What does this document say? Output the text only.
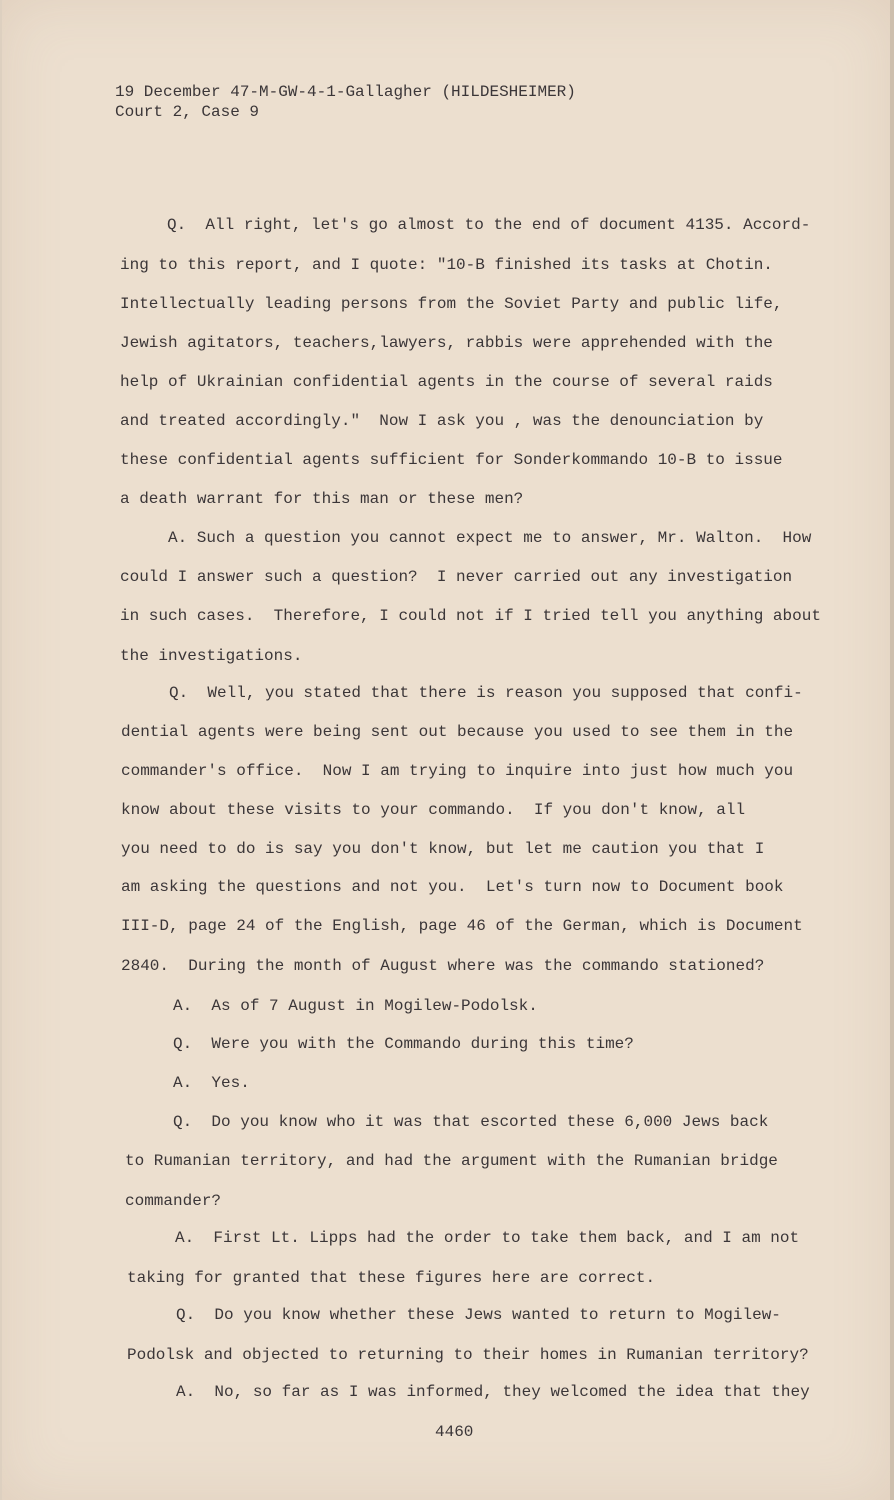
19 December 47-M-GW-4-1-Gallagher (HILDESHEIMER)
Court 2, Case 9
Q.  All right, let's go almost to the end of document 4135. Accord-
ing to this report, and I quote: "10-B finished its tasks at Chotin.
Intellectually leading persons from the Soviet Party and public life,
Jewish agitators, teachers,lawyers, rabbis were apprehended with the
help of Ukrainian confidential agents in the course of several raids
and treated accordingly."  Now I ask you , was the denounciation by
these confidential agents sufficient for Sonderkommando 10-B to issue
a death warrant for this man or these men?
A. Such a question you cannot expect me to answer, Mr. Walton.  How
could I answer such a question?  I never carried out any investigation
in such cases.  Therefore, I could not if I tried tell you anything about
the investigations.
Q.  Well, you stated that there is reason you supposed that confi-
dential agents were being sent out because you used to see them in the
commander's office.  Now I am trying to inquire into just how much you
know about these visits to your commando.  If you don't know, all
you need to do is say you don't know, but let me caution you that I
am asking the questions and not you.  Let's turn now to Document book
III-D, page 24 of the English, page 46 of the German, which is Document
2840.  During the month of August where was the commando stationed?
A.  As of 7 August in Mogilew-Podolsk.
Q.  Were you with the Commando during this time?
A.  Yes.
Q.  Do you know who it was that escorted these 6,000 Jews back
to Rumanian territory, and had the argument with the Rumanian bridge
commander?
A.  First Lt. Lipps had the order to take them back, and I am not
taking for granted that these figures here are correct.
Q.  Do you know whether these Jews wanted to return to Mogilew-
Podolsk and objected to returning to their homes in Rumanian territory?
A.  No, so far as I was informed, they welcomed the idea that they
4460
